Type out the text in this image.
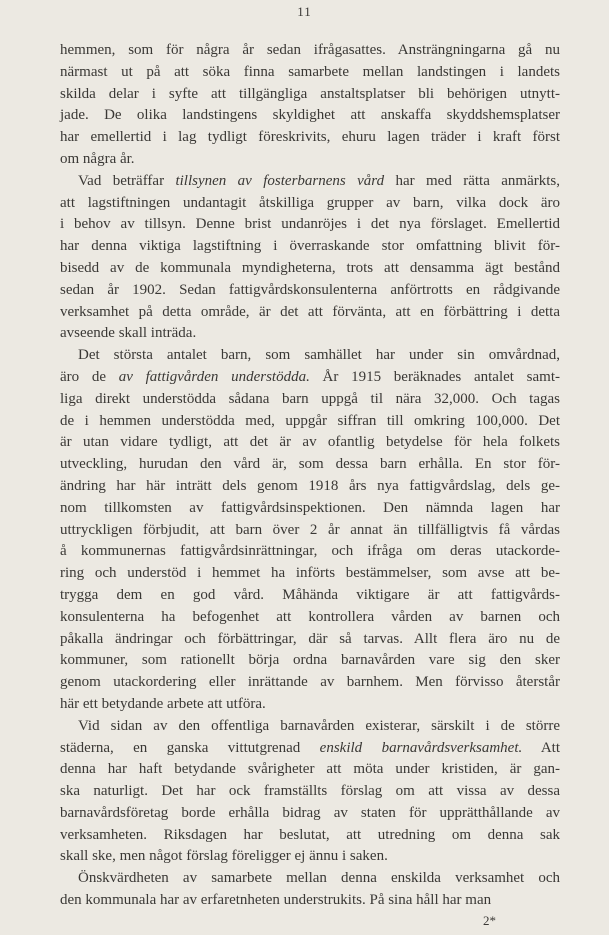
11

hemmen, som för några år sedan ifrågasattes. Ansträngningarna gå nu
närmast ut på att söka finna samarbete mellan landstingen i landets
skilda delar i syfte att tillgängliga anstaltsplatser bli behörigen utnytt-
jade. De olika landstingens skyldighet att anskaffa skyddshemsplatser
har emellertid i lag tydligt föreskrivits, ehuru lagen träder i kraft först
om några år.

Vad beträffar tillsynen av fosterbarnens vård har med rätta anmärkts,
att lagstiftningen undantagit åtskilliga grupper av barn, vilka dock äro
i behov av tillsyn. Denne brist undanröjes i det nya förslaget. Emellertid
har denna viktiga lagstiftning i överraskande stor omfattning blivit för-
bisedd av de kommunala myndigheterna, trots att densamma ägt bestånd
sedan år 1902. Sedan fattigvårdskonsulenterna anförtrotts en rådgivande
verksamhet på detta område, är det att förvänta, att en förbättring i detta
avseende skall inträda.

Det största antalet barn, som samhället har under sin omvårdnad,
äro de av fattigvården understödda. År 1915 beräknades antalet samt-
liga direkt understödda sådana barn uppgå til nära 32,000. Och tagas
de i hemmen understödda med, uppgår siffran till omkring 100,000. Det
är utan vidare tydligt, att det är av ofantlig betydelse för hela folkets
utveckling, hurudan den vård är, som dessa barn erhålla. En stor för-
ändring har här inträtt dels genom 1918 års nya fattigvårdslag, dels ge-
nom tillkomsten av fattigvårdsinspektionen. Den nämnda lagen har
uttryckligen förbjudit, att barn över 2 år annat än tillfälligtvis få vårdas
å kommunernas fattigvårdsinrättningar, och ifråga om deras utackorde-
ring och understöd i hemmet ha införts bestämmelser, som avse att be-
trygga dem en god vård. Måhända viktigare är att fattigvårds-
konsulenterna ha befogenhet att kontrollera vården av barnen och
påkalla ändringar och förbättringar, där så tarvas. Allt flera äro nu de
kommuner, som rationellt börja ordna barnavården vare sig den sker
genom utackordering eller inrättande av barnhem. Men förvisso återstår
här ett betydande arbete att utföra.

Vid sidan av den offentliga barnavården existerar, särskilt i de större
städerna, en ganska vittutgrenad enskild barnavårdsverksamhet. Att
denna har haft betydande svårigheter att möta under kristiden, är gan-
ska naturligt. Det har ock framställts förslag om att vissa av dessa
barnavårdsföretag borde erhålla bidrag av staten för upprätthållande av
verksamheten. Riksdagen har beslutat, att utredning om denna sak
skall ske, men något förslag föreligger ej ännu i saken.

Önskvärdheten av samarbete mellan denna enskilda verksamhet och
den kommunala har av erfaretnheten understrukits. På sina håll har man

2*
